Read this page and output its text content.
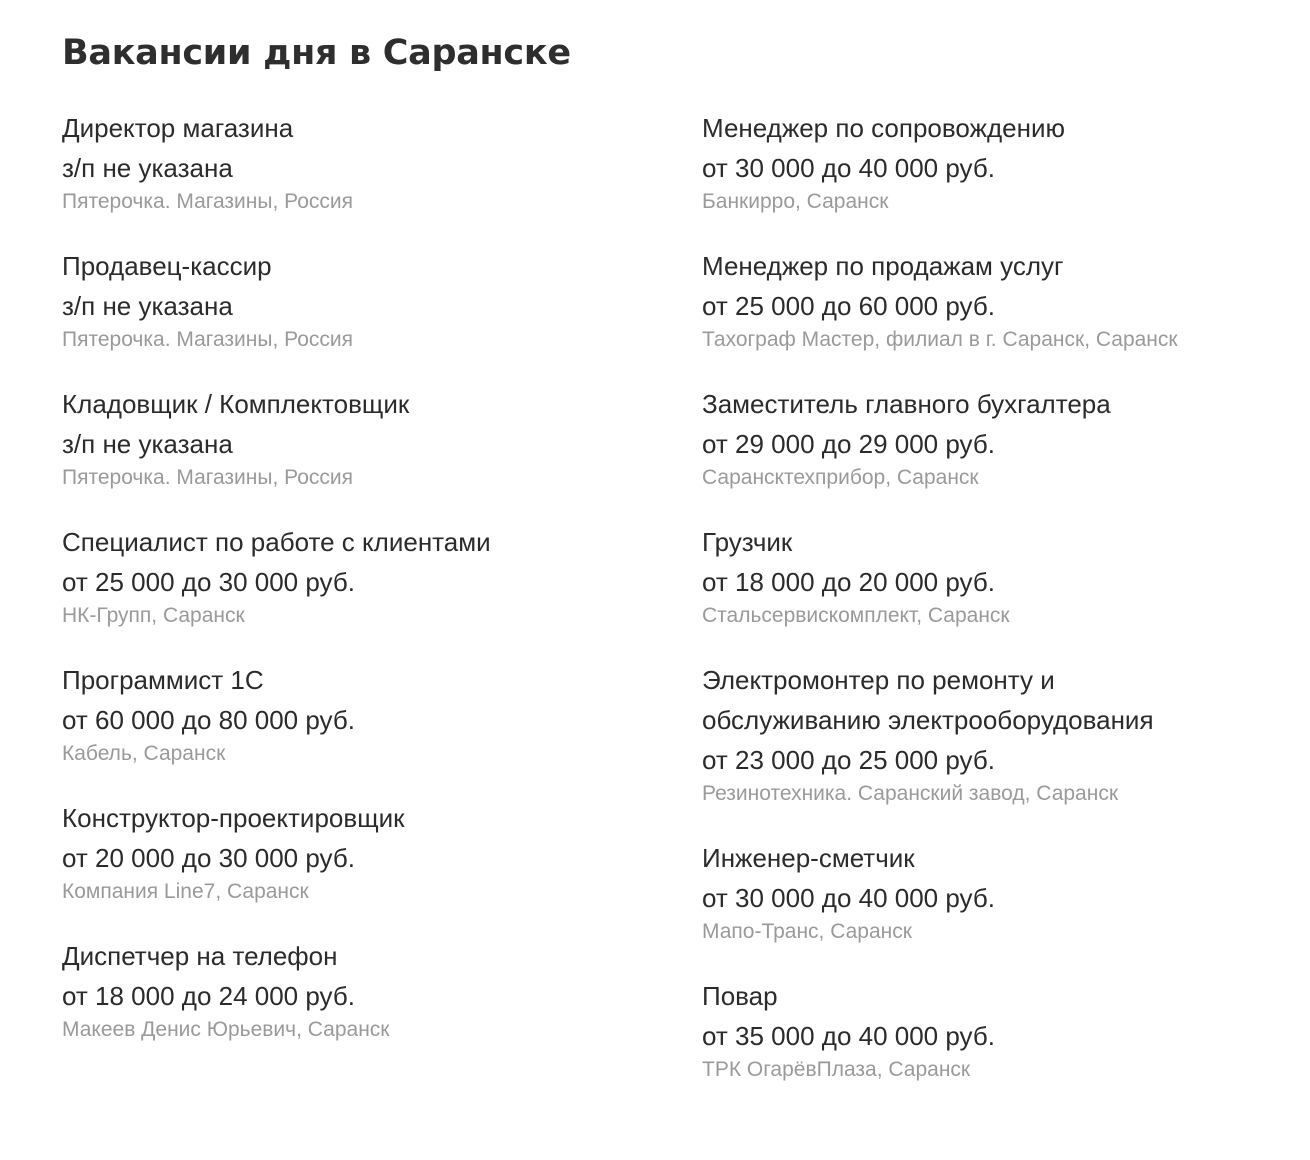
Вакансии дня в Саранске
Директор магазина
з/п не указана
Пятерочка. Магазины, Россия
Продавец-кассир
з/п не указана
Пятерочка. Магазины, Россия
Кладовщик / Комплектовщик
з/п не указана
Пятерочка. Магазины, Россия
Специалист по работе с клиентами
от 25 000 до 30 000 руб.
НК-Групп, Саранск
Программист 1С
от 60 000 до 80 000 руб.
Кабель, Саранск
Конструктор-проектировщик
от 20 000 до 30 000 руб.
Компания Line7, Саранск
Диспетчер на телефон
от 18 000 до 24 000 руб.
Макеев Денис Юрьевич, Саранск
Менеджер по сопровождению
от 30 000 до 40 000 руб.
Банкирро, Саранск
Менеджер по продажам услуг
от 25 000 до 60 000 руб.
Тахограф Мастер, филиал в г. Саранск, Саранск
Заместитель главного бухгалтера
от 29 000 до 29 000 руб.
Сарансктехприбор, Саранск
Грузчик
от 18 000 до 20 000 руб.
Стальсервискомплект, Саранск
Электромонтер по ремонту и обслуживанию электрооборудования
от 23 000 до 25 000 руб.
Резинотехника. Саранский завод, Саранск
Инженер-сметчик
от 30 000 до 40 000 руб.
Мапо-Транс, Саранск
Повар
от 35 000 до 40 000 руб.
ТРК ОгарёвПлаза, Саранск
